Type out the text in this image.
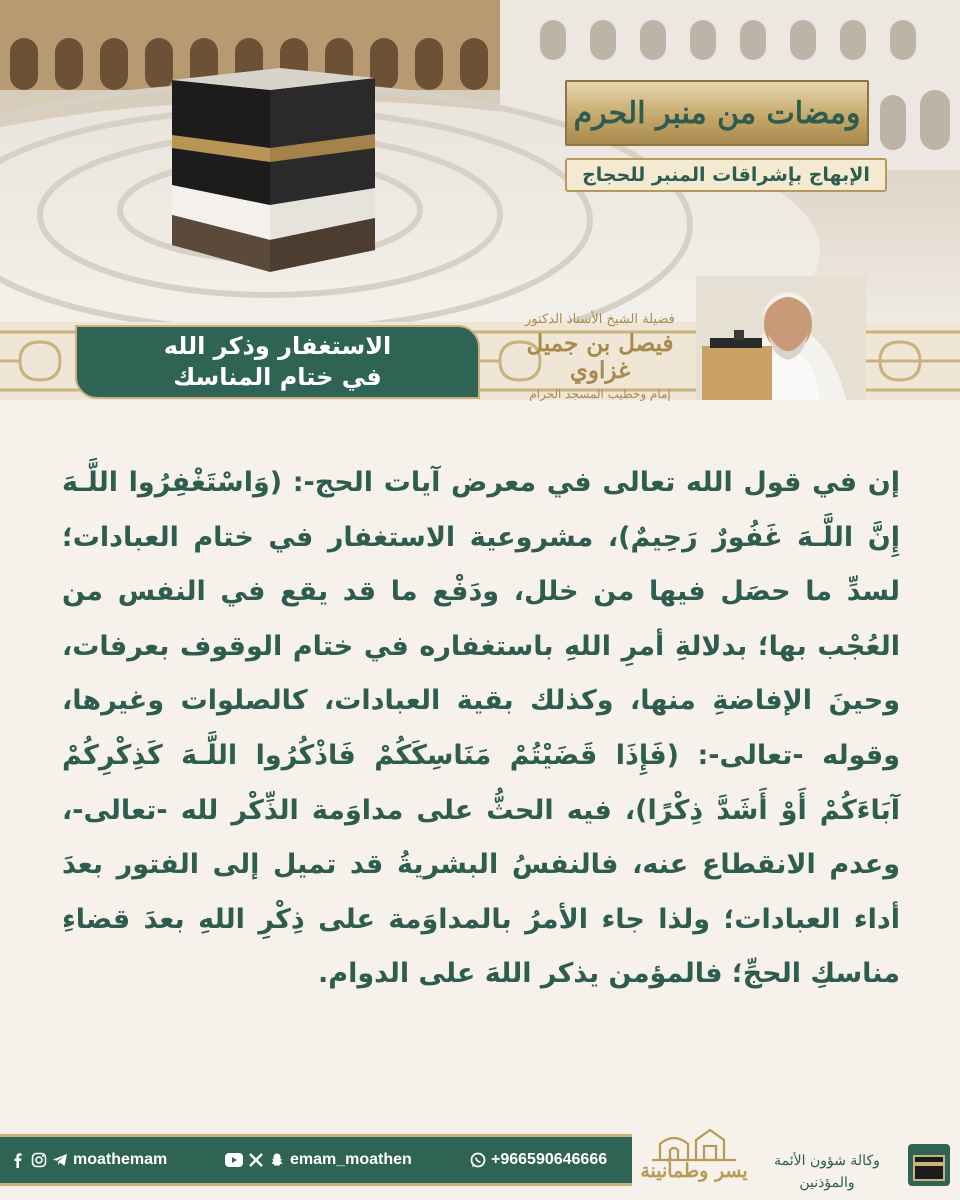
الاستغفار وذكر الله
في ختام المناسك
ومضات من منبر الحرم
الإبهاج بإشراقات المنبر للحجاج
فضيلة الشيخ الأستاذ الدكتور
فيصل بن جميل غزاوي
إمام وخطيب المسجد الحرام
إن في قول الله تعالى في معرض آيات الحج-: (وَاسْتَغْفِرُوا اللَّـهَ إِنَّ اللَّـهَ غَفُورٌ رَحِيمٌ)، مشروعية الاستغفار في ختام العبادات؛ لسدِّ ما حصَل فيها من خلل، ودَفْع ما قد يقع في النفس من العُجْب بها؛ بدلالةِ أمرِ اللهِ باستغفاره في ختام الوقوف بعرفات، وحينَ الإفاضةِ منها، وكذلك بقية العبادات، كالصلوات وغيرها، وقوله -تعالى-: (فَإِذَا قَضَيْتُمْ مَنَاسِكَكُمْ فَاذْكُرُوا اللَّـهَ كَذِكْرِكُمْ آبَاءَكُمْ أَوْ أَشَدَّ ذِكْرًا)، فيه الحثُّ على مداوَمة الذِّكْر لله -تعالى-، وعدم الانقطاع عنه، فالنفسُ البشريةُ قد تميل إلى الفتور بعدَ أداء العبادات؛ ولذا جاء الأمرُ بالمداوَمة على ذِكْرِ اللهِ بعدَ قضاءِ مناسكِ الحجِّ؛ فالمؤمن يذكر اللهَ على الدوام.
moathemam	emam_moathen	+966590646666
يسر وطمأنينة	وكالة شؤون الأئمة والمؤذنين
